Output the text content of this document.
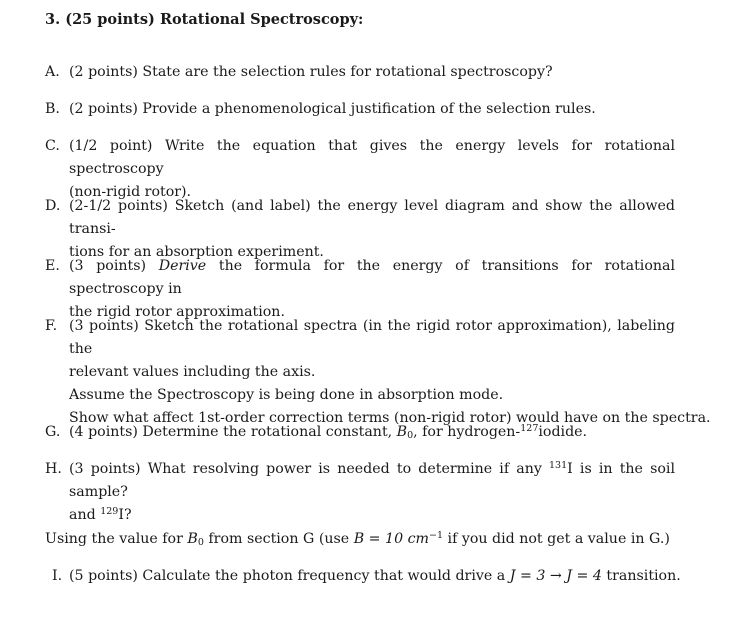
3. (25 points) Rotational Spectroscopy:
A. (2 points) State are the selection rules for rotational spectroscopy?
B. (2 points) Provide a phenomenological justification of the selection rules.
C. (1/2 point) Write the equation that gives the energy levels for rotational spectroscopy
(non-rigid rotor).
D. (2-1/2 points) Sketch (and label) the energy level diagram and show the allowed transi-
tions for an absorption experiment.
E. (3 points) Derive the formula for the energy of transitions for rotational spectroscopy in
the rigid rotor approximation.
F. (3 points) Sketch the rotational spectra (in the rigid rotor approximation), labeling the
relevant values including the axis.
Assume the Spectroscopy is being done in absorption mode.
Show what affect 1st-order correction terms (non-rigid rotor) would have on the spectra.
G. (4 points) Determine the rotational constant, $B_0$, for hydrogen-$^{127}$iodide.
H. (3 points) What resolving power is needed to determine if any $^{131}$I is in the soil sample?
and $^{129}$I?
Using the value for $B_0$ from section G (use B = 10 $cm^{-1}$ if you did not get a value in G.)
I. (5 points) Calculate the photon frequency that would drive a J = 3 → J = 4 transition.
